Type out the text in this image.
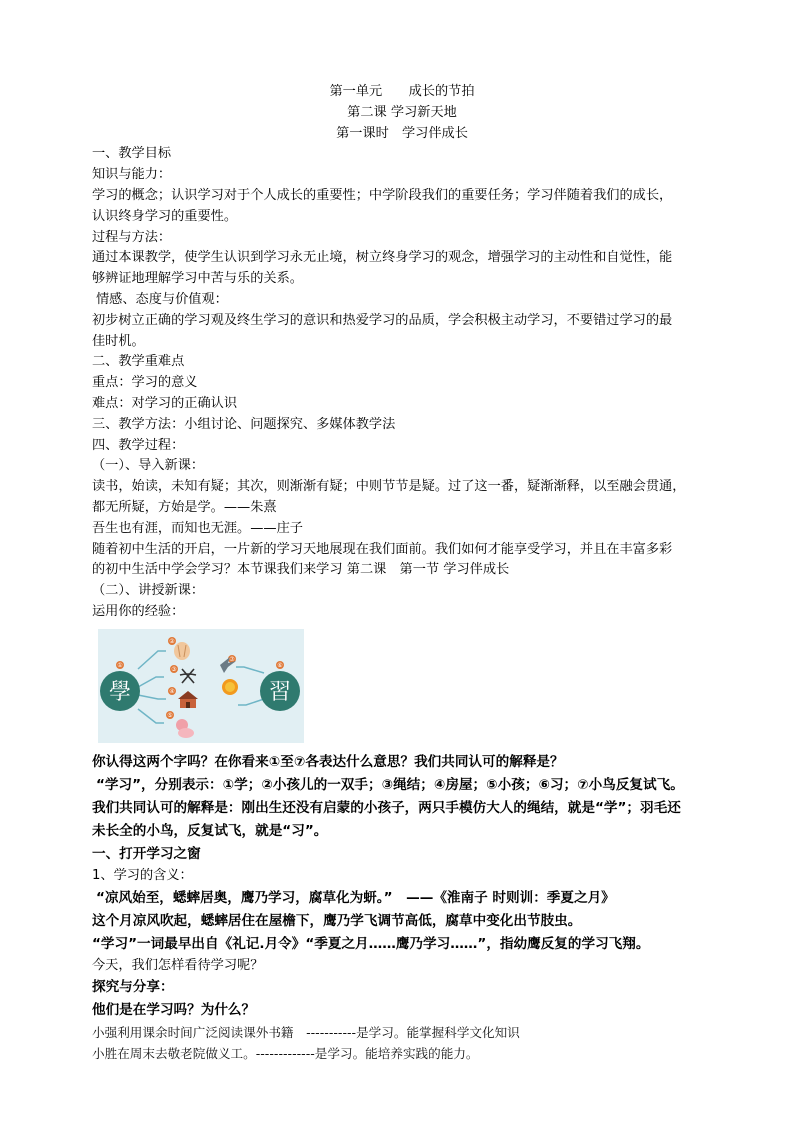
第一单元　　成长的节拍
第二课 学习新天地
第一课时　学习伴成长

一、教学目标

知识与能力：

学习的概念；认识学习对于个人成长的重要性；中学阶段我们的重要任务；学习伴随着我们的成长，

认识终身学习的重要性。

过程与方法：

通过本课教学，使学生认识到学习永无止境，树立终身学习的观念，增强学习的主动性和自觉性，能

够辨证地理解学习中苦与乐的关系。

情感、态度与价值观：

初步树立正确的学习观及终生学习的意识和热爱学习的品质，学会积极主动学习，不要错过学习的最

佳时机。

二、教学重难点

重点：学习的意义

难点：对学习的正确认识

三、教学方法：小组讨论、问题探究、多媒体教学法

四、教学过程：

（一）、导入新课：

读书，始读，未知有疑；其次，则渐渐有疑；中则节节是疑。过了这一番，疑渐渐释，以至融会贯通，

都无所疑，方始是学。——朱熹

吾生也有涯，而知也无涯。——庄子

随着初中生活的开启，一片新的学习天地展现在我们面前。我们如何才能享受学习，并且在丰富多彩

的初中生活中学会学习？本节课我们来学习 第二课　第一节 学习伴成长

（二）、讲授新课：

运用你的经验：

學	習
①
②
③
④
⑤
⑥
⑦

你认得这两个字吗？在你看来①至⑦各表达什么意思？我们共同认可的解释是？

“学习”，分别表示：①学；②小孩儿的一双手；③绳结；④房屋；⑤小孩；⑥习；⑦小鸟反复试飞。

我们共同认可的解释是：刚出生还没有启蒙的小孩子，两只手模仿大人的绳结，就是“学”；羽毛还

未长全的小鸟，反复试飞，就是“习”。

一、打开学习之窗

1、学习的含义：

“凉风始至，蟋蟀居奥，鹰乃学习，腐草化为蚈。”　——《淮南子 时则训：季夏之月》

这个月凉风吹起，蟋蟀居住在屋檐下，鹰乃学飞调节高低，腐草中变化出节肢虫。

“学习”一词最早出自《礼记.月令》“季夏之月……鹰乃学习……”，指幼鹰反复的学习飞翔。

今天，我们怎样看待学习呢？

探究与分享：

他们是在学习吗？为什么？

小强利用课余时间广泛阅读课外书籍　-----------是学习。能掌握科学文化知识

小胜在周末去敬老院做义工。-------------是学习。能培养实践的能力。
